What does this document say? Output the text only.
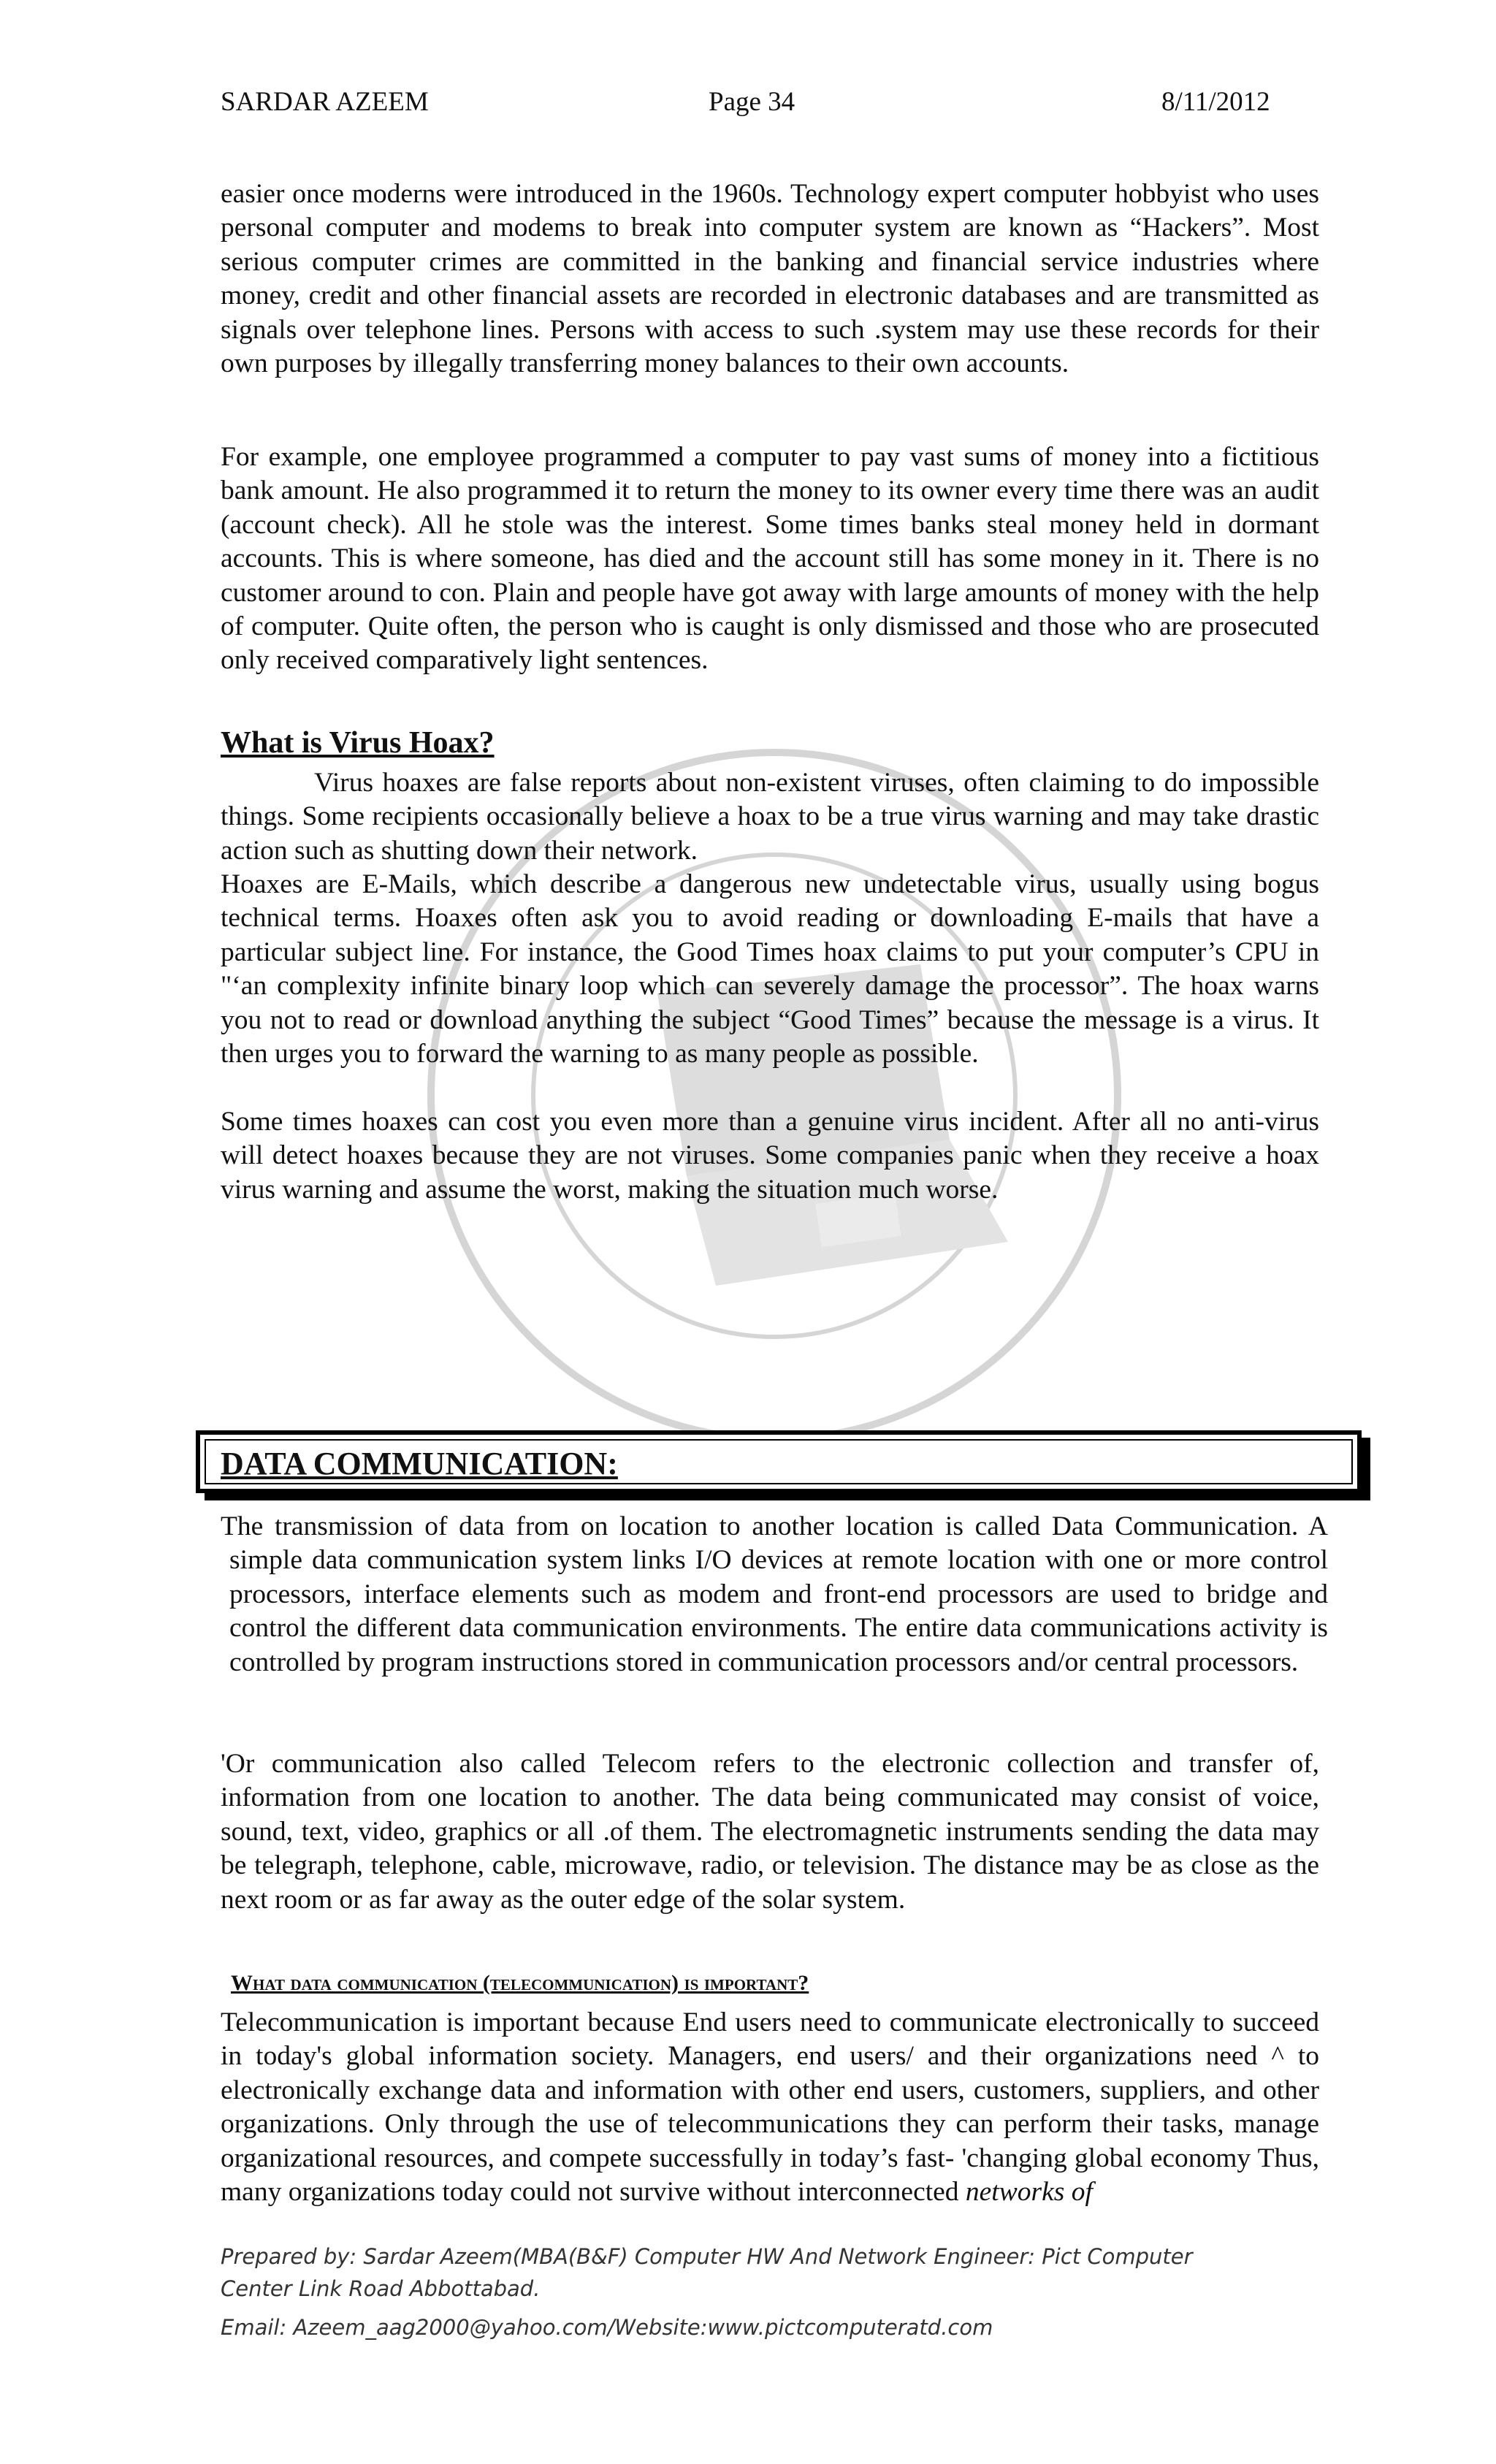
SARDAR AZEEM	Page 34	8/11/2012

easier once moderns were introduced in the 1960s. Technology expert computer hobbyist who uses personal computer and modems to break into computer system are known as “Hackers”. Most serious computer crimes are committed in the banking and financial service industries where money, credit and other financial assets are recorded in electronic databases and are transmitted as signals over telephone lines. Persons with access to such .system may use these records for their own purposes by illegally transferring money balances to their own accounts.

For example, one employee programmed a computer to pay vast sums of money into a fictitious bank amount. He also programmed it to return the money to its owner every time there was an audit (account check). All he stole was the interest. Some times banks steal money held in dormant accounts. This is where someone, has died and the account still has some money in it. There is no customer around to con. Plain and people have got away with large amounts of money with the help of computer. Quite often, the person who is caught is only dismissed and those who are prosecuted only received comparatively light sentences.

What is Virus Hoax?

Virus hoaxes are false reports about non-existent viruses, often claiming to do impossible things. Some recipients occasionally believe a hoax to be a true virus warning and may take drastic action such as shutting down their network.

Hoaxes are E-Mails, which describe a dangerous new undetectable virus, usually using bogus technical terms. Hoaxes often ask you to avoid reading or downloading E-mails that have a particular subject line. For instance, the Good Times hoax claims to put your computer’s CPU in "‘an complexity infinite binary loop which can severely damage the processor”. The hoax warns you not to read or download anything the subject “Good Times” because the message is a virus. It then urges you to forward the warning to as many people as possible.

Some times hoaxes can cost you even more than a genuine virus incident. After all no anti-virus will detect hoaxes because they are not viruses. Some companies panic when they receive a hoax virus warning and assume the worst, making the situation much worse.

DATA COMMUNICATION:

The transmission of data from on location to another location is called Data Communication. A simple data communication system links I/O devices at remote location with one or more control processors, interface elements such as modem and front-end processors are used to bridge and control the different data communication environments. The entire data communications activity is controlled by program instructions stored in communication processors and/or central processors.

'Or communication also called Telecom refers to the electronic collection and transfer of, information from one location to another. The data being communicated may consist of voice, sound, text, video, graphics or all .of them. The electromagnetic instruments sending the data may be telegraph, telephone, cable, microwave, radio, or television. The distance may be as close as the next room or as far away as the outer edge of the solar system.

What data communication (telecommunication) is important?

Telecommunication is important because End users need to communicate electronically to succeed in today's global information society. Managers, end users/ and their organizations need ^ to electronically exchange data and information with other end users, customers, suppliers, and other organizations. Only through the use of telecommunications they can perform their tasks, manage organizational resources, and compete successfully in today’s fast- 'changing global economy Thus, many organizations today could not survive without interconnected networks of

Prepared by: Sardar Azeem(MBA(B&F) Computer HW And Network Engineer: Pict Computer

Center Link Road Abbottabad.

Email: Azeem_aag2000@yahoo.com/Website:www.pictcomputeratd.com
